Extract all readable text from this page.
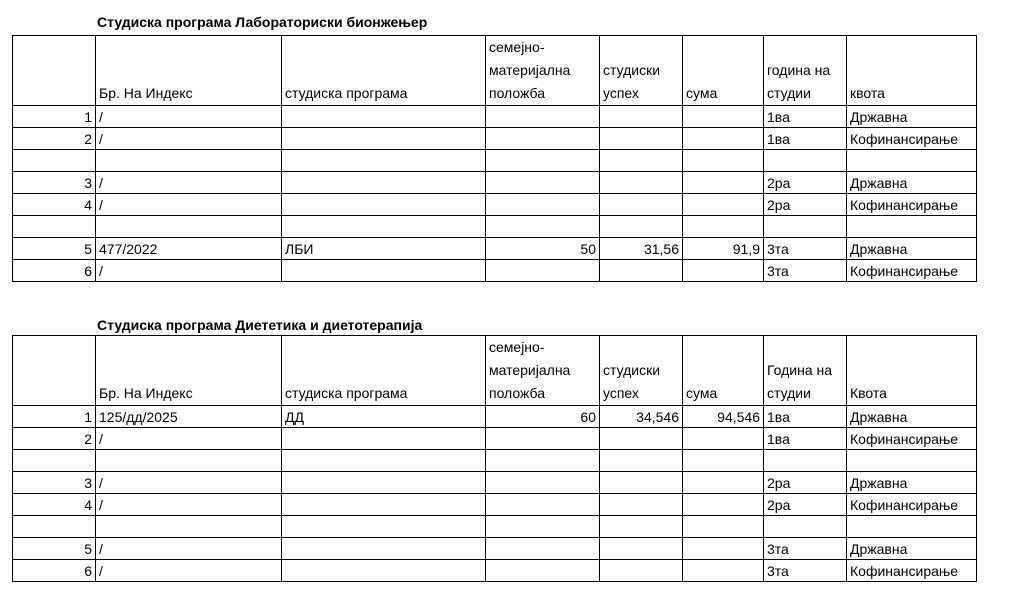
Студиска програма Лабораториски бионжењер
	Бр. На Индекс	студиска програма	семејно-
материјална
положба	студиски
успех	сума	година на
студии	квота
1	/					1ва	Државна
2	/					1ва	Кофинансирање

3	/					2ра	Државна
4	/					2ра	Кофинансирање

5	477/2022	ЛБИ	50	31,56	91,9	3та	Државна
6	/					3та	Кофинансирање
Студиска програма Диететика и диетотерапија
	Бр. На Индекс	студиска програма	семејно-
материјална
положба	студиски
успех	сума	Година на
студии	Квота
1	125/дд/2025	ДД	60	34,546	94,546	1ва	Државна
2	/					1ва	Кофинансирање

3	/					2ра	Државна
4	/					2ра	Кофинансирање

5	/					3та	Државна
6	/					3та	Кофинансирање
